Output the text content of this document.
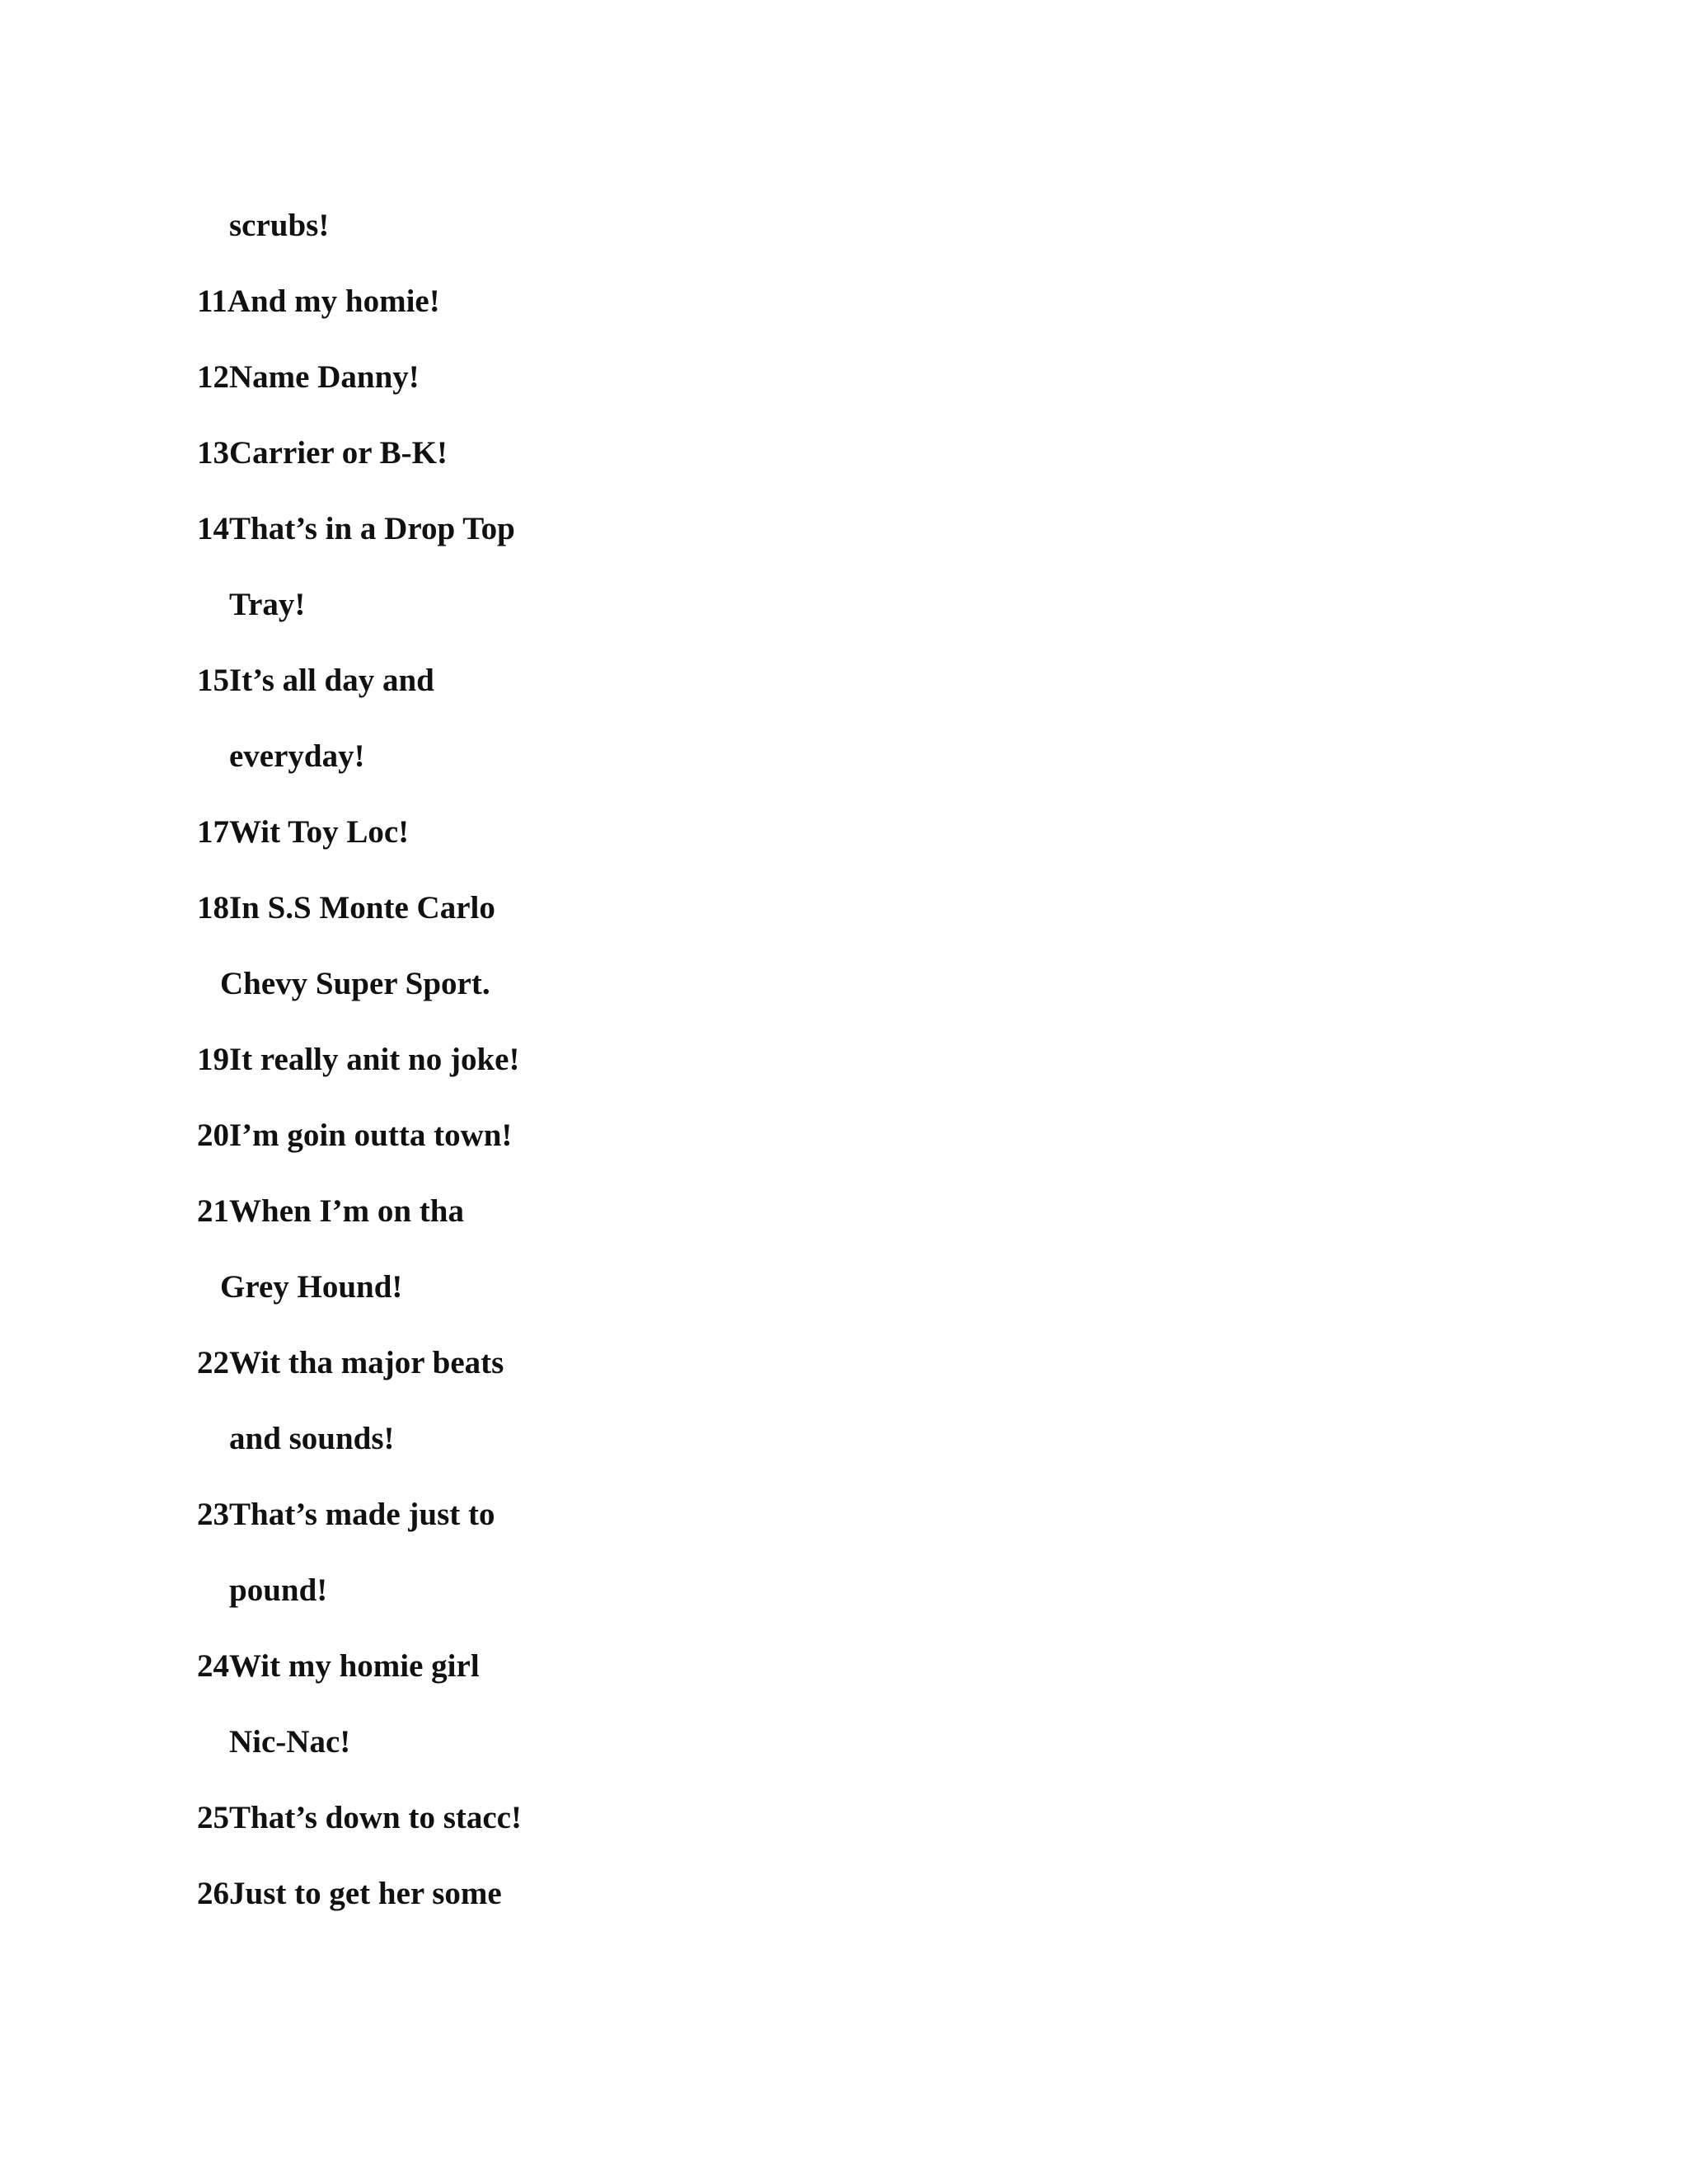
scrubs!
11And my homie!
12Name Danny!
13Carrier or B-K!
14That’s in a Drop Top
Tray!
15It’s all day and
everyday!
17Wit Toy Loc!
18In S.S Monte Carlo
Chevy Super Sport.
19It really anit no joke!
20I’m goin outta town!
21When I’m on tha
Grey Hound!
22Wit tha major beats
and sounds!
23That’s made just to
pound!
24Wit my homie girl
Nic-Nac!
25That’s down to stacc!
26Just to get her some
